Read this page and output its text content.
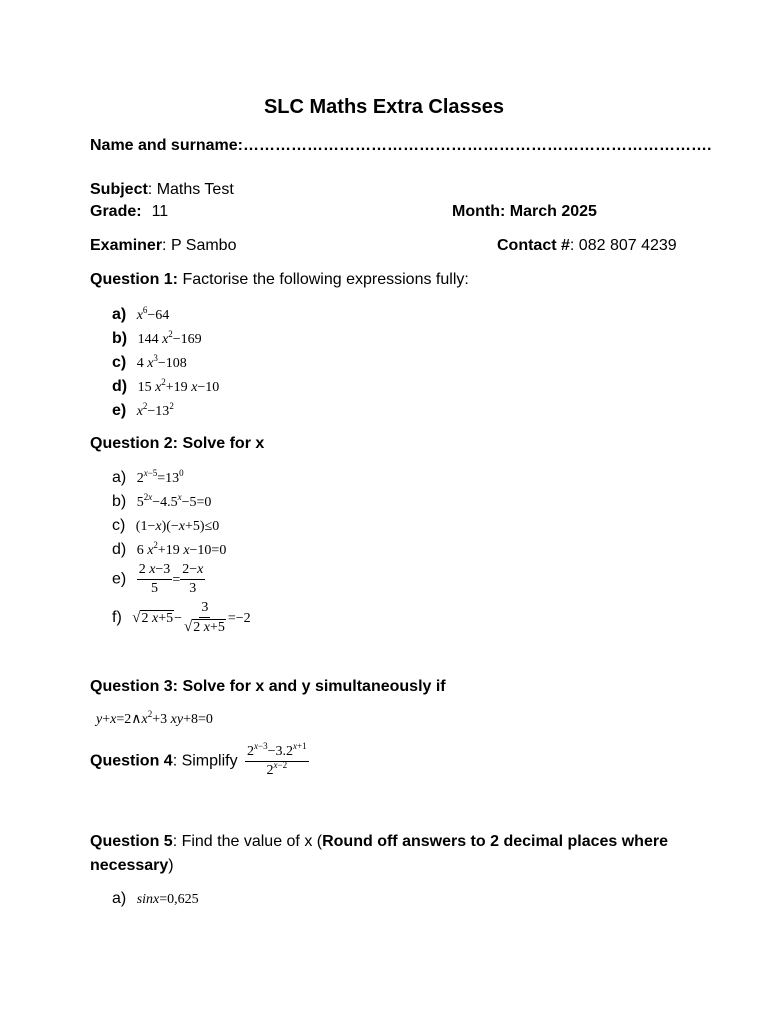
SLC Maths Extra Classes
Name and surname:…………………………………………………………………………….
Subject: Maths Test
Grade: 11	Month: March 2025
Examiner: P Sambo	Contact #: 082 807 4239
Question 1: Factorise the following expressions fully:
a) $x^6-64$
b) 144 $x^2-169$
c) 4 $x^3-108$
d) 15 $x^2+19$ x−10
e) $x^2-13^2$
Question 2: Solve for x
a) $2^{x-5}=13^0$
b) $5^{2x}-4.5^x-5=0$
c) (1−x)(−x+5)≤0
d) 6 $x^2+19$ x−10=0
$e) \frac{2 x-3}{5} = \frac{2-x}{3}$
f) √ 2 $x+5 - \frac{3}{√ 2 x+5} =-2$
Question 3: Solve for x and y simultaneously if
$y+x=2\wedge x^2+3$ xy+8=0
Question 4: Simplify $\frac{2^{x-3}-3.2^{x+1}}{2^{x-2}}$
Question 5: Find the value of x (Round off answers to 2 decimal places where
necessary)
a) sinx=0,625
